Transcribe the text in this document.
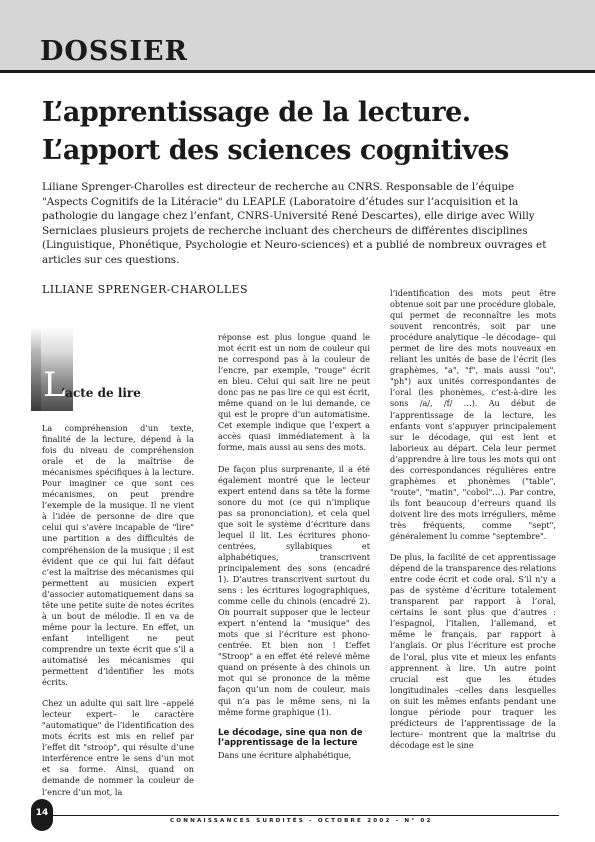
DOSSIER
L’apprentissage de la lecture.
L’apport des sciences cognitives
Liliane Sprenger-Charolles est directeur de recherche au CNRS. Responsable de l’équipe "Aspects Cognitifs de la Litéracie" du LEAPLE (Laboratoire d’études sur l’acquisition et la pathologie du langage chez l’enfant, CNRS-Université René Descartes), elle dirige avec Willy Serniclaes plusieurs projets de recherche incluant des chercheurs de différentes disciplines (Linguistique, Phonétique, Psychologie et Neuro-sciences) et a publié de nombreux ouvrages et articles sur ces questions.
LILIANE SPRENGER-CHAROLLES
L
’acte de lire

La compréhension d’un texte, finalité de la lecture, dépend à la fois du niveau de compréhension orale et de la maîtrise de mécanismes spécifiques à la lecture. Pour imaginer ce que sont ces mécanismes, on peut prendre l’exemple de la musique. Il ne vient à l’idée de personne de dire que celui qui s’avère incapable de "lire" une partition a des difficultés de compréhension de la musique ; il est évident que ce qui lui fait défaut c’est la maîtrise des mécanismes qui permettent au musicien expert d’associer automatiquement dans sa tête une petite suite de notes écrites à un bout de mélodie. Il en va de même pour la lecture. En effet, un enfant intelligent ne peut comprendre un texte écrit que s’il a automatisé les mécanismes qui permettent d’identifier les mots écrits.

Chez un adulte qui sait lire –appelé lecteur expert– le caractère "automatique" de l’identification des mots écrits est mis en relief par l’effet dit "stroop", qui résulte d’une interférence entre le sens d’un mot et sa forme. Ainsi, quand on demande de nommer la couleur de l’encre d’un mot, la

réponse est plus longue quand le mot écrit est un nom de couleur qui ne correspond pas à la couleur de l’encre, par exemple, "rouge" écrit en bleu. Celui qui sait lire ne peut donc pas ne pas lire ce qui est écrit, même quand on le lui demande, ce qui est le propre d’un automatisme. Cet exemple indique que l’expert a accès quasi immédiatement à la forme, mais aussi au sens des mots.

De façon plus surprenante, il a été également montré que le lecteur expert entend dans sa tête la forme sonore du mot (ce qui n’implique pas sa prononciation), et cela quel que soit le système d’écriture dans lequel il lit. Les écritures phono-centrées, syllabiques et alphabétiques, transcrivent principalement des sons (encadré 1). D’autres transcrivent surtout du sens : les écritures logographiques, comme celle du chinois (encadré 2). On pourrait supposer que le lecteur expert n’entend la "musique" des mots que si l’écriture est phono-centrée. Et bien non ! L’effet "Stroop" a en effet été relevé même quand on présente à des chinois un mot qui se prononce de la même façon qu’un nom de couleur, mais qui n’a pas le même sens, ni la même forme graphique (1).

Le décodage, sine qua non de l’apprentissage de la lecture

Dans une écriture alphabétique,

l’identification des mots peut être obtenue soit par une procédure globale, qui permet de reconnaître les mots souvent rencontrés, soit par une procédure analytique –le décodage– qui permet de lire des mots nouveaux en reliant les unités de base de l’écrit (les graphèmes, "a", "f", mais aussi "ou", "ph") aux unités correspondantes de l’oral (les phonèmes, c’est-à-dire les sons /a/, /f/ …). Au début de l’apprentissage de la lecture, les enfants vont s’appuyer principalement sur le décodage, qui est lent et laborieux au départ. Cela leur permet d’apprendre à lire tous les mots qui ont des correspondances régulières entre graphèmes et phonèmes ("table", "route", "matin", "cobol"…). Par contre, ils font beaucoup d’erreurs quand ils doivent lire des mots irréguliers, même très fréquents, comme "sept", généralement lu comme "septembre".

De plus, la facilité de cet apprentissage dépend de la transparence des relations entre code écrit et code oral. S’il n’y a pas de système d’écriture totalement transparent par rapport à l’oral, certains le sont plus que d’autres : l’espagnol, l’italien, l’allemand, et même le français, par rapport à l’anglais. Or plus l’écriture est proche de l’oral, plus vite et mieux les enfants apprennent à lire. Un autre point crucial est que les études longitudinales –celles dans lesquelles on suit les mêmes enfants pendant une longue période pour traquer les prédicteurs de l’apprentissage de la lecture– montrent que la maîtrise du décodage est le sine

14
CONNAISSANCES SURDITÉS - OCTOBRE 2002 - N° 02
